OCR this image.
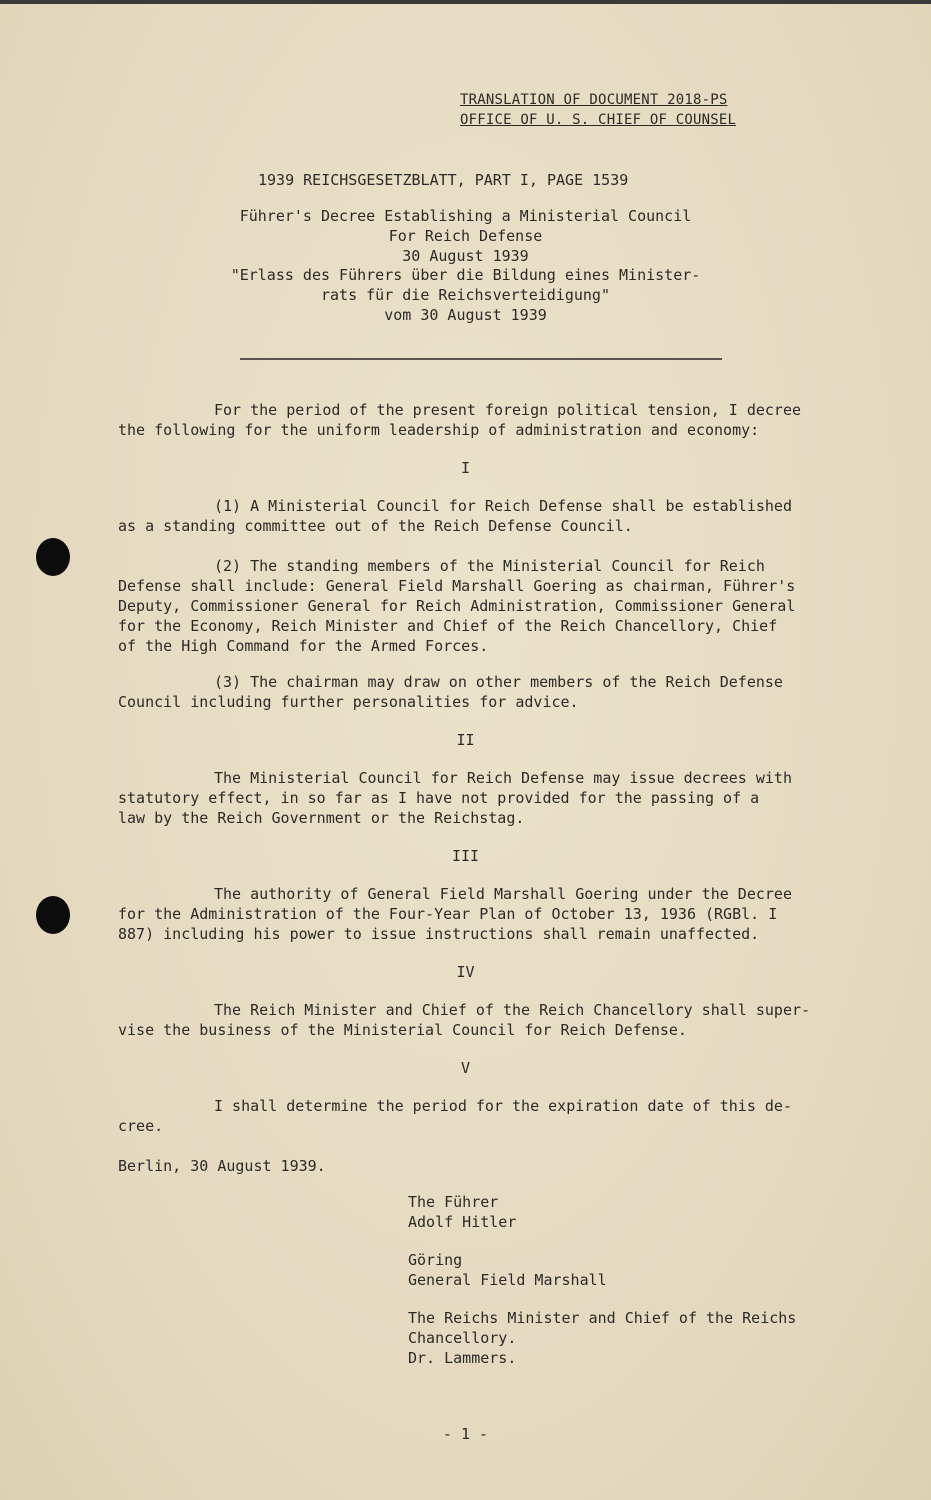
TRANSLATION OF DOCUMENT 2018-PS
OFFICE OF U. S. CHIEF OF COUNSEL
1939 REICHSGESETZBLATT, PART I, PAGE 1539
Führer's Decree Establishing a Ministerial Council
For Reich Defense
30 August 1939
"Erlass des Führers über die Bildung eines Minister-
rats für die Reichsverteidigung"
vom 30 August 1939
For the period of the present foreign political tension, I decree
the following for the uniform leadership of administration and economy:
I
(1) A Ministerial Council for Reich Defense shall be established
as a standing committee out of the Reich Defense Council.
(2) The standing members of the Ministerial Council for Reich
Defense shall include: General Field Marshall Goering as chairman, Führer's
Deputy, Commissioner General for Reich Administration, Commissioner General
for the Economy, Reich Minister and Chief of the Reich Chancellory, Chief
of the High Command for the Armed Forces.
(3) The chairman may draw on other members of the Reich Defense
Council including further personalities for advice.
II
The Ministerial Council for Reich Defense may issue decrees with
statutory effect, in so far as I have not provided for the passing of a
law by the Reich Government or the Reichstag.
III
The authority of General Field Marshall Goering under the Decree
for the Administration of the Four-Year Plan of October 13, 1936 (RGBl. I
887) including his power to issue instructions shall remain unaffected.
IV
The Reich Minister and Chief of the Reich Chancellory shall super-
vise the business of the Ministerial Council for Reich Defense.
V
I shall determine the period for the expiration date of this de-
cree.
Berlin, 30 August 1939.
The Führer
Adolf Hitler
Göring
General Field Marshall
The Reichs Minister and Chief of the Reichs
Chancellory.
Dr. Lammers.
- 1 -
